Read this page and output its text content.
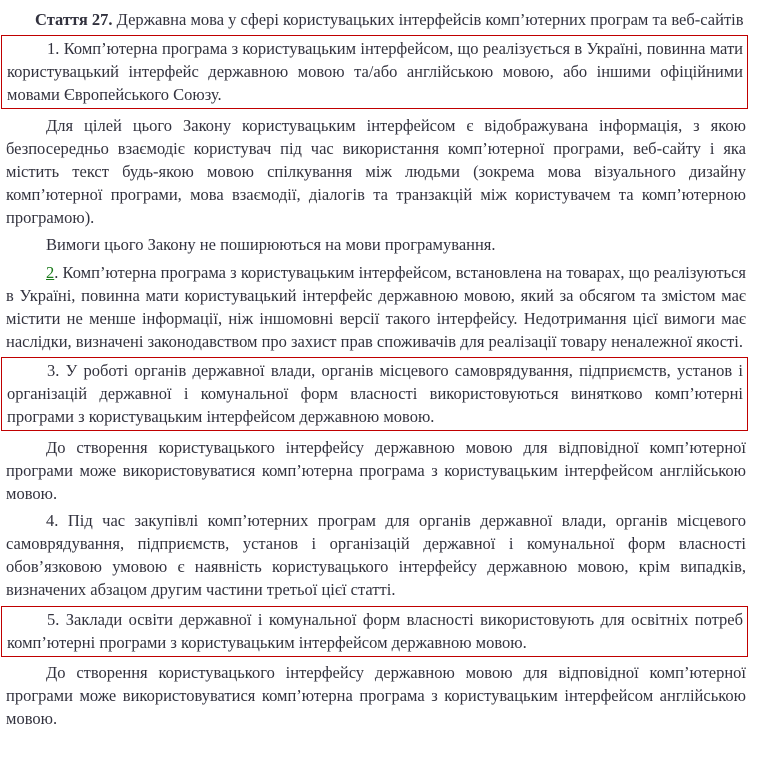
Стаття 27. Державна мова у сфері користувацьких інтерфейсів комп’ютерних програм та веб-сайтів

1. Комп’ютерна програма з користувацьким інтерфейсом, що реалізується в Україні, повинна мати користувацький інтерфейс державною мовою та/або англійською мовою, або іншими офіційними мовами Європейського Союзу.

Для цілей цього Закону користувацьким інтерфейсом є відображувана інформація, з якою безпосередньо взаємодіє користувач під час використання комп’ютерної програми, веб-сайту і яка містить текст будь-якою мовою спілкування між людьми (зокрема мова візуального дизайну комп’ютерної програми, мова взаємодії, діалогів та транзакцій між користувачем та комп’ютерною програмою).

Вимоги цього Закону не поширюються на мови програмування.

2. Комп’ютерна програма з користувацьким інтерфейсом, встановлена на товарах, що реалізуються в Україні, повинна мати користувацький інтерфейс державною мовою, який за обсягом та змістом має містити не менше інформації, ніж іншомовні версії такого інтерфейсу. Недотримання цієї вимоги має наслідки, визначені законодавством про захист прав споживачів для реалізації товару неналежної якості.

3. У роботі органів державної влади, органів місцевого самоврядування, підприємств, установ і організацій державної і комунальної форм власності використовуються винятково комп’ютерні програми з користувацьким інтерфейсом державною мовою.

До створення користувацького інтерфейсу державною мовою для відповідної комп’ютерної програми може використовуватися комп’ютерна програма з користувацьким інтерфейсом англійською мовою.

4. Під час закупівлі комп’ютерних програм для органів державної влади, органів місцевого самоврядування, підприємств, установ і організацій державної і комунальної форм власності обов’язковою умовою є наявність користувацького інтерфейсу державною мовою, крім випадків, визначених абзацом другим частини третьої цієї статті.

5. Заклади освіти державної і комунальної форм власності використовують для освітніх потреб комп’ютерні програми з користувацьким інтерфейсом державною мовою.

До створення користувацького інтерфейсу державною мовою для відповідної комп’ютерної програми може використовуватися комп’ютерна програма з користувацьким інтерфейсом англійською мовою.
